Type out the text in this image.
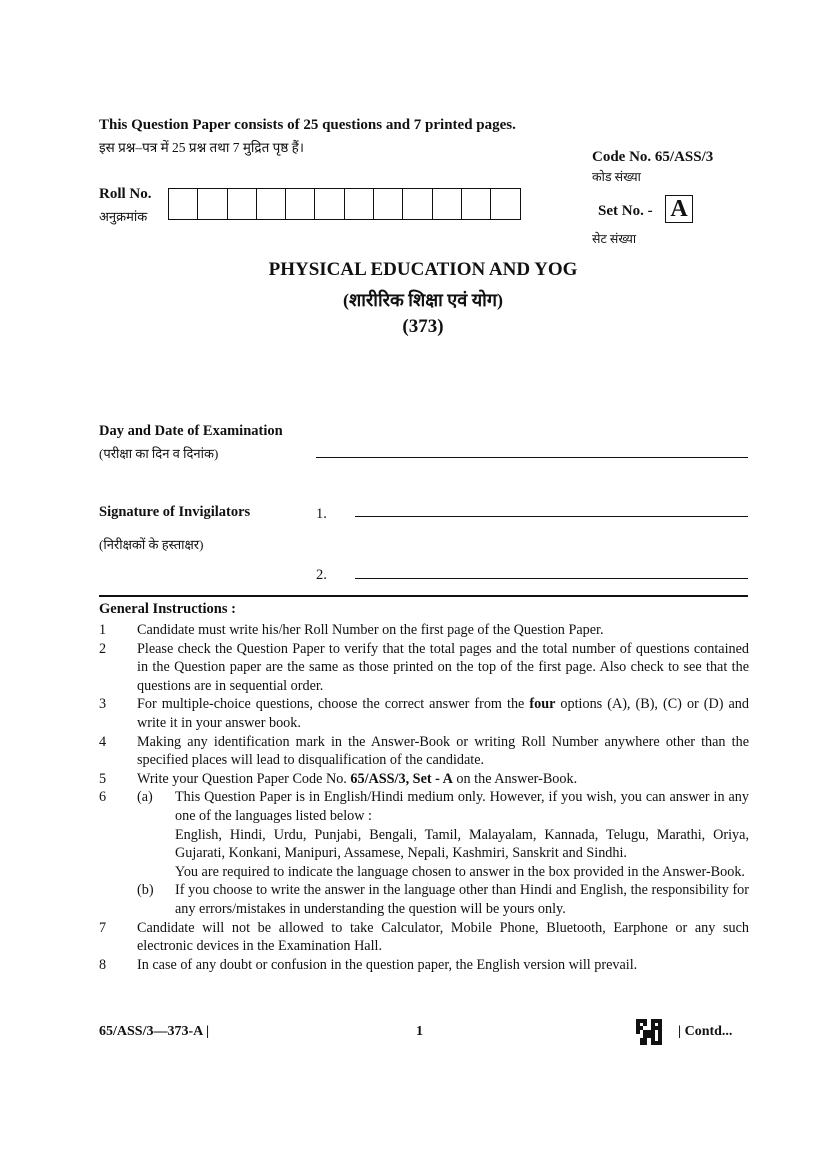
This Question Paper consists of 25 questions and 7 printed pages.
इस प्रश्न–पत्र में 25 प्रश्न तथा 7 मुद्रित पृष्ठ हैं।
Code No. 65/ASS/3
कोड संख्या
Roll No.
अनुक्रमांक	Set No. - A
सेट संख्या
PHYSICAL EDUCATION AND YOG
(शारीरिक शिक्षा एवं योग)
(373)
Day and Date of Examination
(परीक्षा का दिन व दिनांक)
Signature of Invigilators
(निरीक्षकों के हस्ताक्षर)
1.
2.
General Instructions :
1	Candidate must write his/her Roll Number on the first page of the Question Paper.
2	Please check the Question Paper to verify that the total pages and the total number of questions contained in the Question paper are the same as those printed on the top of the first page. Also check to see that the questions are in sequential order.
3	For multiple-choice questions, choose the correct answer from the four options (A), (B), (C) or (D) and write it in your answer book.
4	Making any identification mark in the Answer-Book or writing Roll Number anywhere other than the specified places will lead to disqualification of the candidate.
5	Write your Question Paper Code No. 65/ASS/3, Set - A on the Answer-Book.
6	(a)	This Question Paper is in English/Hindi medium only. However, if you wish, you can answer in any one of the languages listed below :
English, Hindi, Urdu, Punjabi, Bengali, Tamil, Malayalam, Kannada, Telugu, Marathi, Oriya, Gujarati, Konkani, Manipuri, Assamese, Nepali, Kashmiri, Sanskrit and Sindhi.
You are required to indicate the language chosen to answer in the box provided in the Answer-Book.
(b)	If you choose to write the answer in the language other than Hindi and English, the responsibility for any errors/mistakes in understanding the question will be yours only.
7	Candidate will not be allowed to take Calculator, Mobile Phone, Bluetooth, Earphone or any such electronic devices in the Examination Hall.
8	In case of any doubt or confusion in the question paper, the English version will prevail.
65/ASS/3—373-A |	1	| Contd...
